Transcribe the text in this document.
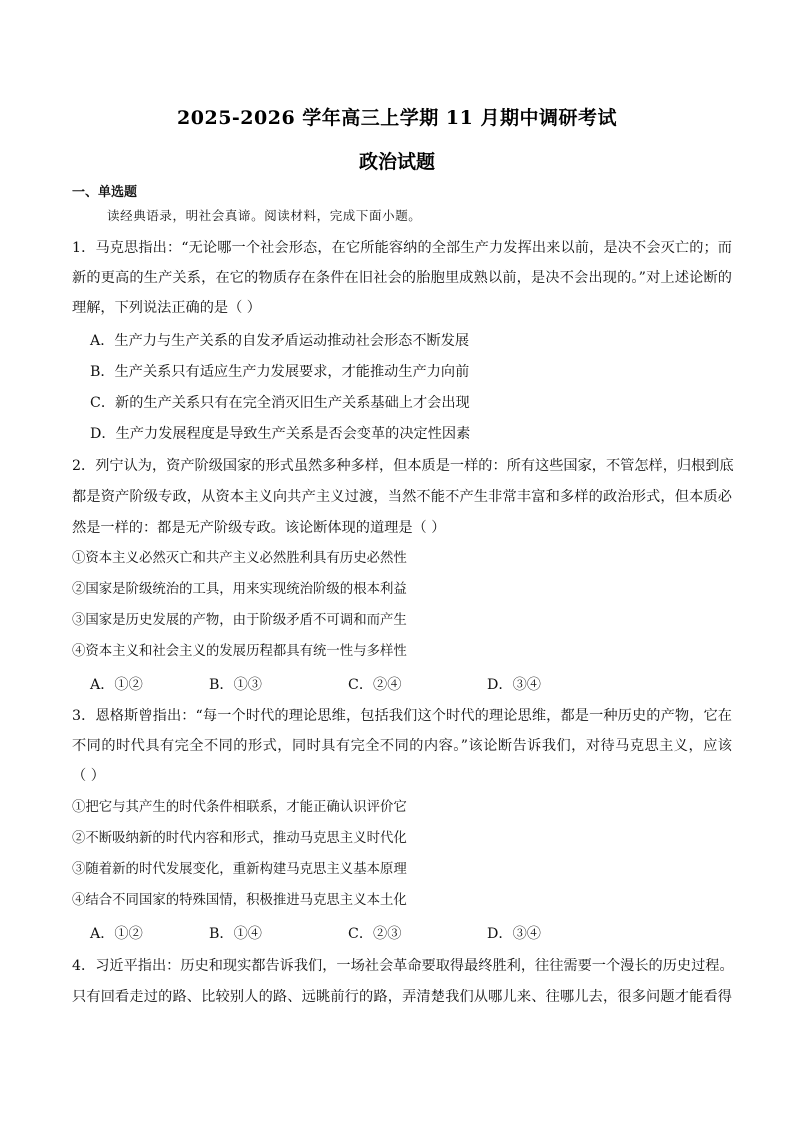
2025-2026 学年高三上学期 11 月期中调研考试
政治试题
一、单选题
读经典语录，明社会真谛。阅读材料，完成下面小题。
1．马克思指出：“无论哪一个社会形态，在它所能容纳的全部生产力发挥出来以前，是决不会灭亡的；而
新的更高的生产关系，在它的物质存在条件在旧社会的胎胞里成熟以前，是决不会出现的。”对上述论断的
理解，下列说法正确的是（ ）
A．生产力与生产关系的自发矛盾运动推动社会形态不断发展
B．生产关系只有适应生产力发展要求，才能推动生产力向前
C．新的生产关系只有在完全消灭旧生产关系基础上才会出现
D．生产力发展程度是导致生产关系是否会变革的决定性因素
2．列宁认为，资产阶级国家的形式虽然多种多样，但本质是一样的：所有这些国家，不管怎样，归根到底
都是资产阶级专政，从资本主义向共产主义过渡，当然不能不产生非常丰富和多样的政治形式，但本质必
然是一样的：都是无产阶级专政。该论断体现的道理是（ ）
①资本主义必然灭亡和共产主义必然胜利具有历史必然性
②国家是阶级统治的工具，用来实现统治阶级的根本利益
③国家是历史发展的产物，由于阶级矛盾不可调和而产生
④资本主义和社会主义的发展历程都具有统一性与多样性
A．①②	B．①③	C．②④	D．③④
3．恩格斯曾指出：“每一个时代的理论思维，包括我们这个时代的理论思维，都是一种历史的产物，它在
不同的时代具有完全不同的形式，同时具有完全不同的内容。”该论断告诉我们，对待马克思主义，应该
（ ）
①把它与其产生的时代条件相联系，才能正确认识评价它
②不断吸纳新的时代内容和形式，推动马克思主义时代化
③随着新的时代发展变化，重新构建马克思主义基本原理
④结合不同国家的特殊国情，积极推进马克思主义本土化
A．①②	B．①④	C．②③	D．③④
4．习近平指出：历史和现实都告诉我们，一场社会革命要取得最终胜利，往往需要一个漫长的历史过程。
只有回看走过的路、比较别人的路、远眺前行的路，弄清楚我们从哪儿来、往哪儿去，很多问题才能看得
